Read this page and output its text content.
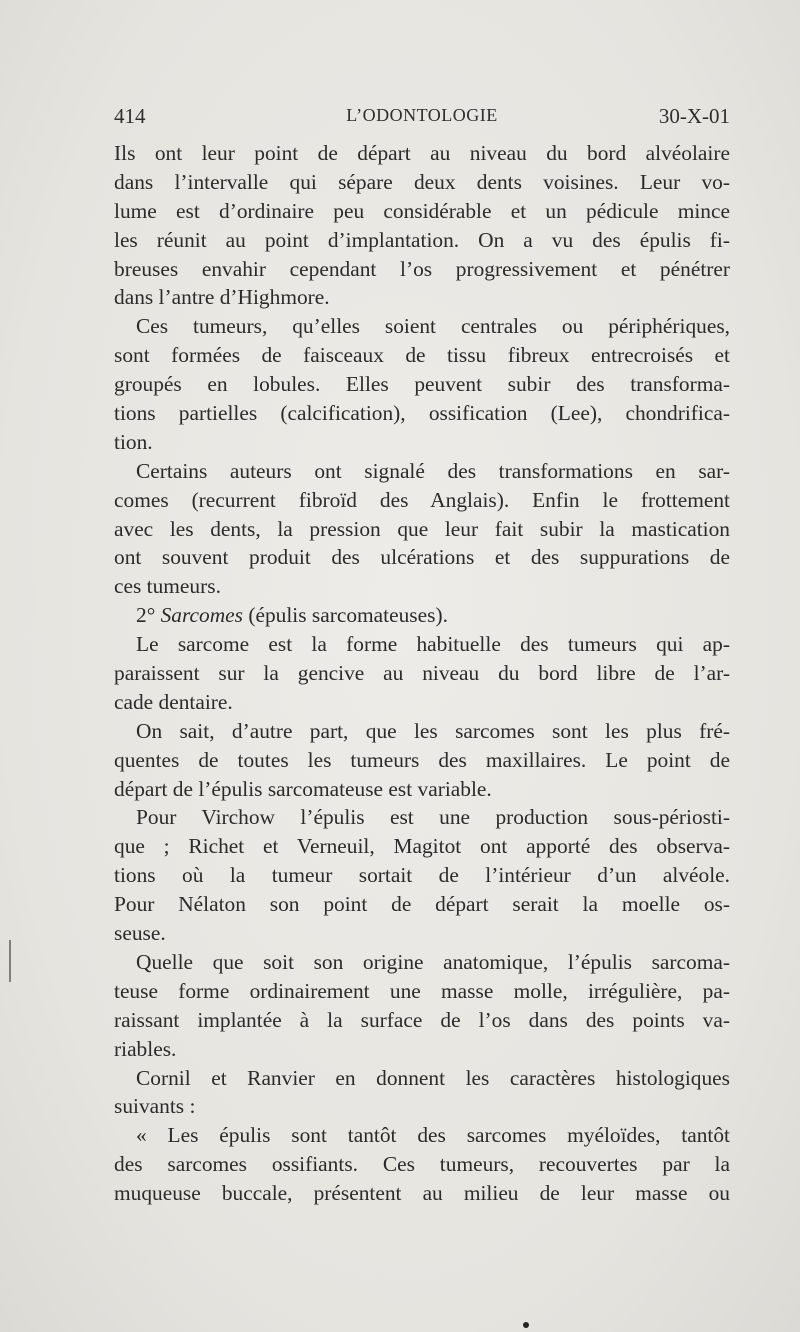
414	L’ODONTOLOGIE	30-X-01
Ils ont leur point de départ au niveau du bord alvéolaire
dans l’intervalle qui sépare deux dents voisines. Leur vo-
lume est d’ordinaire peu considérable et un pédicule mince
les réunit au point d’implantation. On a vu des épulis fi-
breuses envahir cependant l’os progressivement et pénétrer
dans l’antre d’Highmore.
Ces tumeurs, qu’elles soient centrales ou périphériques,
sont formées de faisceaux de tissu fibreux entrecroisés et
groupés en lobules. Elles peuvent subir des transforma-
tions partielles (calcification), ossification (Lee), chondrifica-
tion.
Certains auteurs ont signalé des transformations en sar-
comes (recurrent fibroïd des Anglais). Enfin le frottement
avec les dents, la pression que leur fait subir la mastication
ont souvent produit des ulcérations et des suppurations de
ces tumeurs.
2° Sarcomes (épulis sarcomateuses).
Le sarcome est la forme habituelle des tumeurs qui ap-
paraissent sur la gencive au niveau du bord libre de l’ar-
cade dentaire.
On sait, d’autre part, que les sarcomes sont les plus fré-
quentes de toutes les tumeurs des maxillaires. Le point de
départ de l’épulis sarcomateuse est variable.
Pour Virchow l’épulis est une production sous-périosti-
que ; Richet et Verneuil, Magitot ont apporté des observa-
tions où la tumeur sortait de l’intérieur d’un alvéole.
Pour Nélaton son point de départ serait la moelle os-
seuse.
Quelle que soit son origine anatomique, l’épulis sarcoma-
teuse forme ordinairement une masse molle, irrégulière, pa-
raissant implantée à la surface de l’os dans des points va-
riables.
Cornil et Ranvier en donnent les caractères histologiques
suivants :
« Les épulis sont tantôt des sarcomes myéloïdes, tantôt
des sarcomes ossifiants. Ces tumeurs, recouvertes par la
muqueuse buccale, présentent au milieu de leur masse ou
